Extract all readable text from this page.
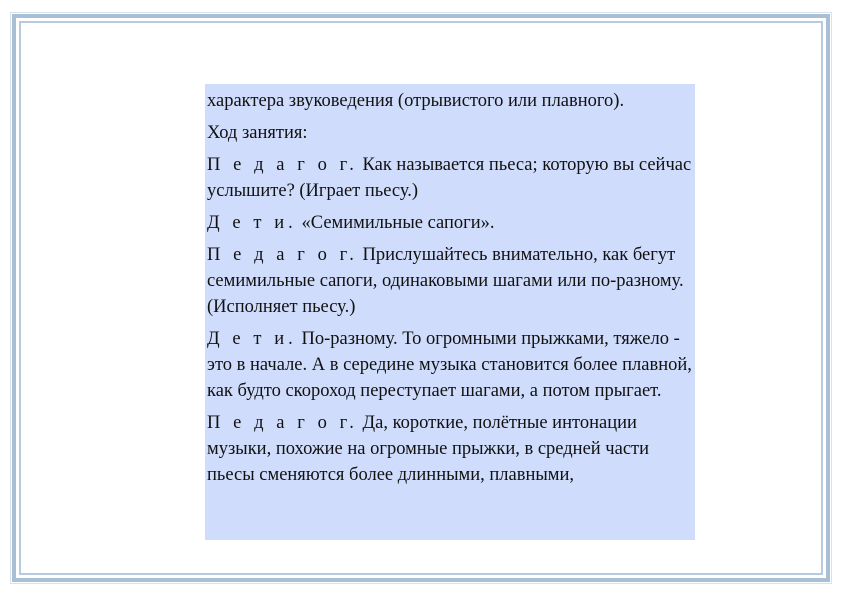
характера звуковедения (отрывистого или плавного).

Ход занятия:

П е д а г о г. Как называется пьеса; которую вы сейчас услышите? (Играет пьесу.)

Д е т и. «Семимильные сапоги».

П е д а г о г. Прислушайтесь внимательно, как бегут семимильные сапоги, одинаковыми шагами или по-разному. (Исполняет пьесу.)

Д е т и. По-разному. То огромными прыжками, тяжело - это в начале. А в середине музыка становится более плавной, как будто скороход переступает шагами, а потом прыгает.

П е д а г о г. Да, короткие, полётные интонации музыки, похожие на огромные прыжки, в средней части пьесы сменяются более длинными, плавными,
